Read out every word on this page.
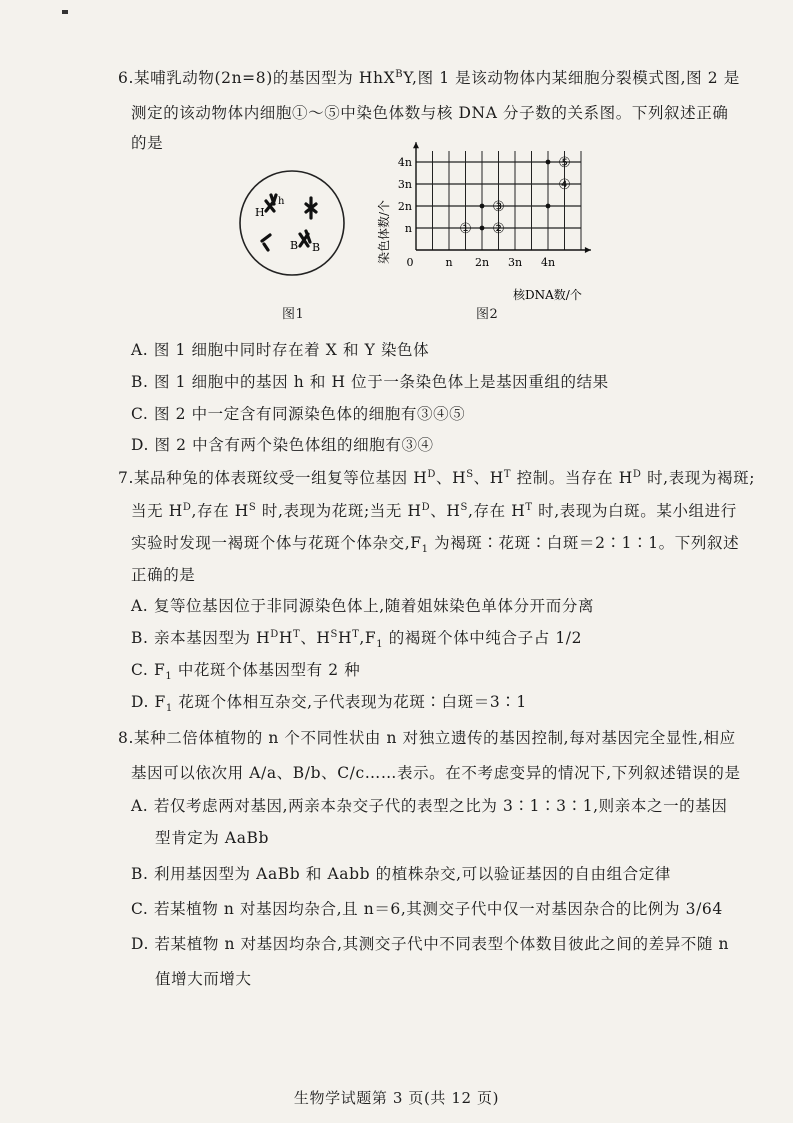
6.某哺乳动物(2n=8)的基因型为 HhX$^B$Y,图 1 是该动物体内某细胞分裂模式图,图 2 是
测定的该动物体内细胞①～⑤中染色体数与核 DNA 分子数的关系图。下列叙述正确
的是
H
h
B B
图1
4n
3n
2n
n
0	n 2n 3n 4n
① ②
③
④
⑤
染色体数/个
核DNA数/个
图2
A. 图 1 细胞中同时存在着 X 和 Y 染色体
B. 图 1 细胞中的基因 h 和 H 位于一条染色体上是基因重组的结果
C. 图 2 中一定含有同源染色体的细胞有③④⑤
D. 图 2 中含有两个染色体组的细胞有③④
7.某品种兔的体表斑纹受一组复等位基因 $H^D$、$H^S$、$H^T$ 控制。当存在 $H^D$ 时,表现为褐斑;
当无 $H^D$,存在 $H^S$ 时,表现为花斑;当无 $H^D$、$H^S$,存在 $H^T$ 时,表现为白斑。某小组进行
实验时发现一褐斑个体与花斑个体杂交$,F_1$ 为褐斑∶花斑∶白斑＝2∶1∶1。下列叙述
正确的是
A. 复等位基因位于非同源染色体上,随着姐妹染色单体分开而分离
B. 亲本基因型为 $H^DH^T$、$H^SH^T,F_1$ 的褐斑个体中纯合子占 1/2
C. $F_1$ 中花斑个体基因型有 2 种
D. $F_1$ 花斑个体相互杂交,子代表现为花斑∶白斑＝3∶1
8.某种二倍体植物的 n 个不同性状由 n 对独立遗传的基因控制,每对基因完全显性,相应
基因可以依次用 A/a、B/b、C/c……表示。在不考虑变异的情况下,下列叙述错误的是
A. 若仅考虑两对基因,两亲本杂交子代的表型之比为 3∶1∶3∶1,则亲本之一的基因
型肯定为 AaBb
B. 利用基因型为 AaBb 和 Aabb 的植株杂交,可以验证基因的自由组合定律
C. 若某植物 n 对基因均杂合,且 n＝6,其测交子代中仅一对基因杂合的比例为 3/64
D. 若某植物 n 对基因均杂合,其测交子代中不同表型个体数目彼此之间的差异不随 n
值增大而增大
生物学试题第 3 页(共 12 页)
